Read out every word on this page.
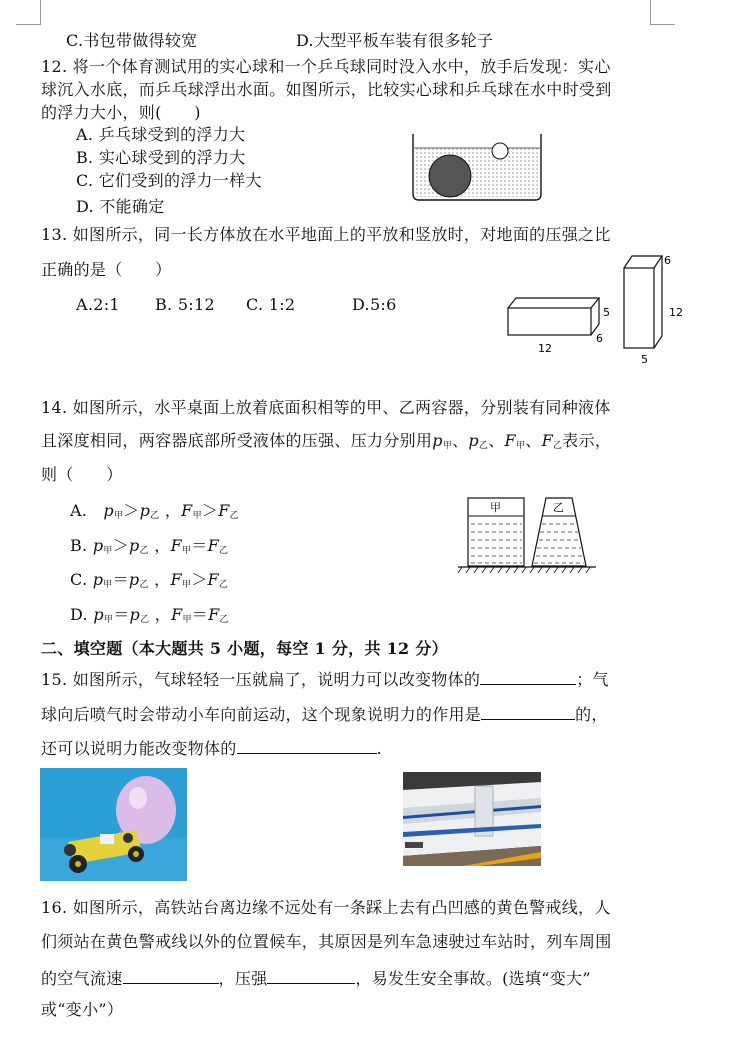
C.书包带做得较宽	D.大型平板车装有很多轮子
12. 将一个体育测试用的实心球和一个乒乓球同时没入水中，放手后发现：实心
球沉入水底，而乒乓球浮出水面。如图所示，比较实心球和乒乓球在水中时受到
的浮力大小，则(　　)
A. 乒乓球受到的浮力大
B. 实心球受到的浮力大
C. 它们受到的浮力一样大
D. 不能确定
13. 如图所示，同一长方体放在水平地面上的平放和竖放时，对地面的压强之比
正确的是（　　）
A.2:1 B. 5:12 C. 1:2	D.5:6	5
6
12
6
12
5
14. 如图所示，水平桌面上放着底面积相等的甲、乙两容器，分别装有同种液体
且深度相同，两容器底部所受液体的压强、压力分别用$p_甲$、$p_乙$、$F_甲$、$F_乙$表示，
则（　　）
A. $p_甲>p_乙$ ，$F_甲>F_乙$
B. $p_甲>p_乙$ ，$F_甲=F_乙$
C. $p_甲=p_乙$ ，$F_甲>F_乙$
D. $p_甲=p_乙$ ，$F_甲=F_乙$
甲	乙
二、填空题（本大题共 5 小题，每空 1 分，共 12 分）
15. 如图所示，气球轻轻一压就扁了，说明力可以改变物体的	；气
球向后喷气时会带动小车向前运动，这个现象说明力的作用是	的，
还可以说明力能改变物体的	.
16. 如图所示，高铁站台离边缘不远处有一条踩上去有凸凹感的黄色警戒线，人
们须站在黄色警戒线以外的位置候车，其原因是列车急速驶过车站时，列车周围
的空气流速	，压强	，易发生安全事故。(选填“变大”
或“变小”）
